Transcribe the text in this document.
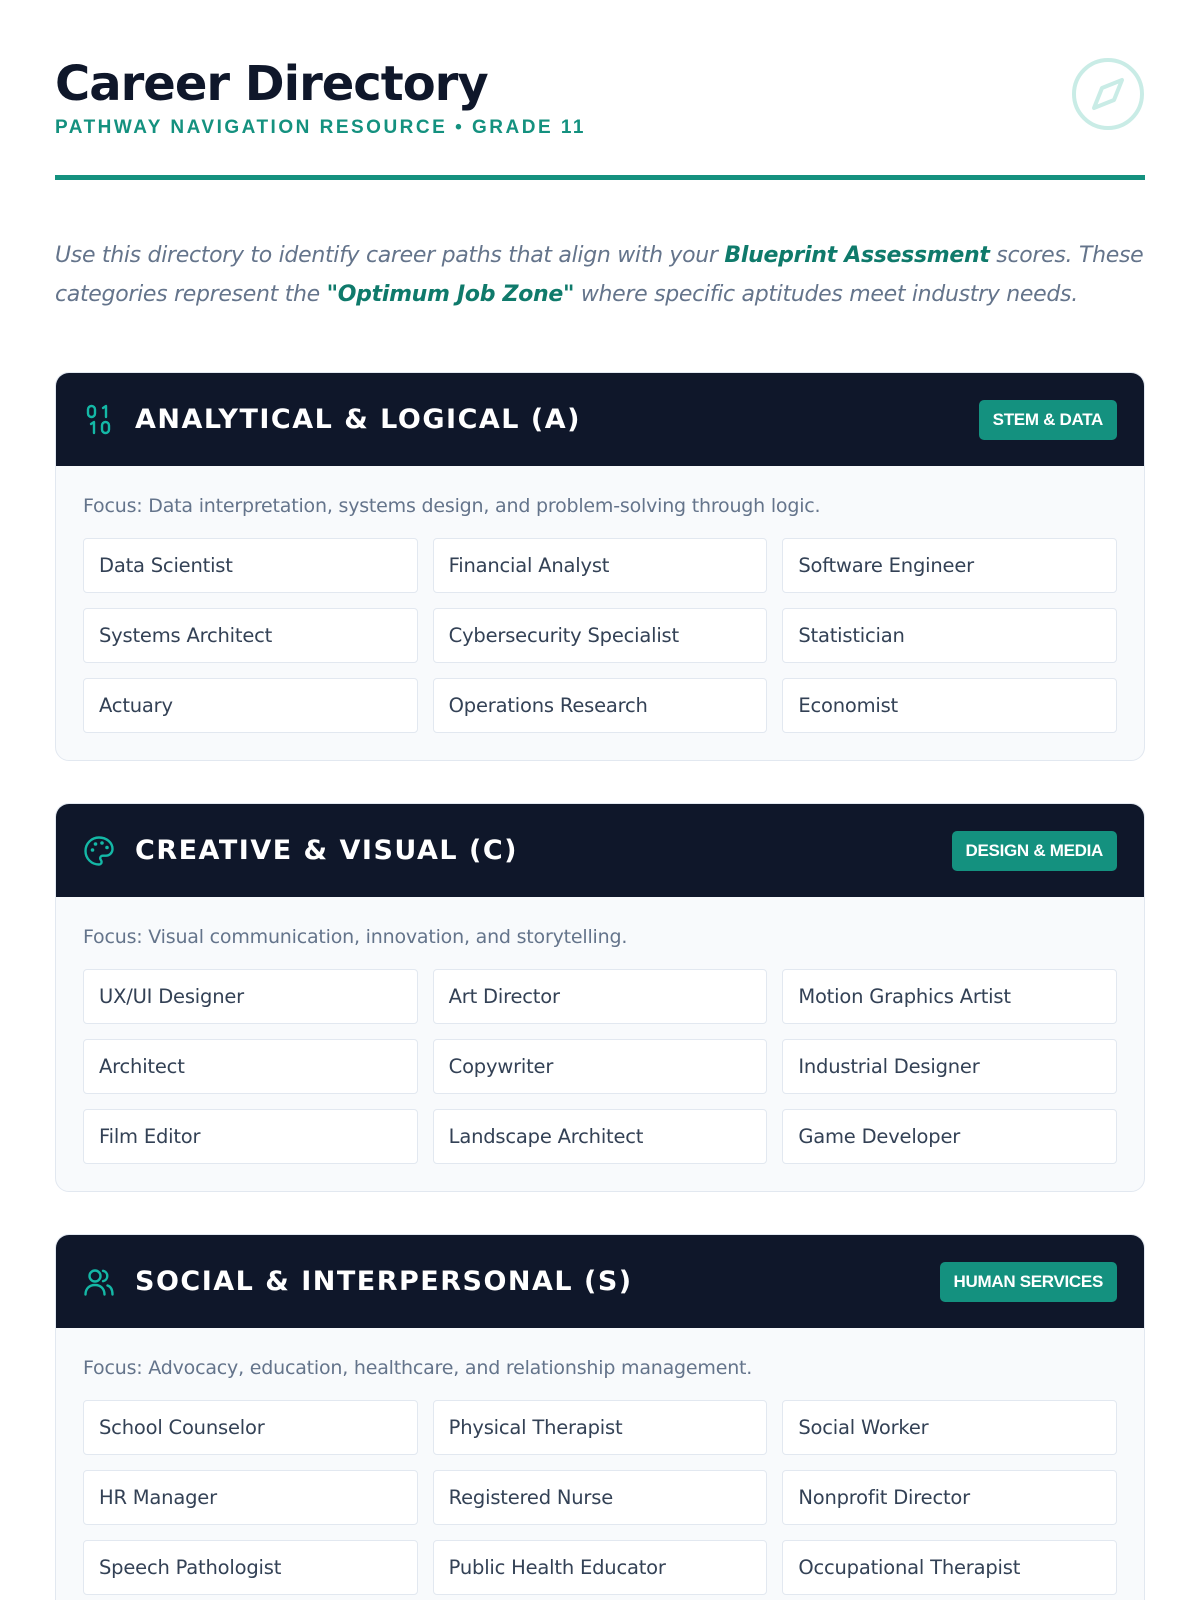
Career Directory
PATHWAY NAVIGATION RESOURCE • GRADE 11

Use this directory to identify career paths that align with your Blueprint Assessment scores. These categories represent the "Optimum Job Zone" where specific aptitudes meet industry needs.

ANALYTICAL & LOGICAL (A)	STEM & DATA
Focus: Data interpretation, systems design, and problem-solving through logic.
Data Scientist	Financial Analyst	Software Engineer
Systems Architect	Cybersecurity Specialist	Statistician
Actuary	Operations Research	Economist
CREATIVE & VISUAL (C)	DESIGN & MEDIA
Focus: Visual communication, innovation, and storytelling.
UX/UI Designer	Art Director	Motion Graphics Artist
Architect	Copywriter	Industrial Designer
Film Editor	Landscape Architect	Game Developer
SOCIAL & INTERPERSONAL (S)	HUMAN SERVICES
Focus: Advocacy, education, healthcare, and relationship management.
School Counselor	Physical Therapist	Social Worker
HR Manager	Registered Nurse	Nonprofit Director
Speech Pathologist	Public Health Educator	Occupational Therapist
